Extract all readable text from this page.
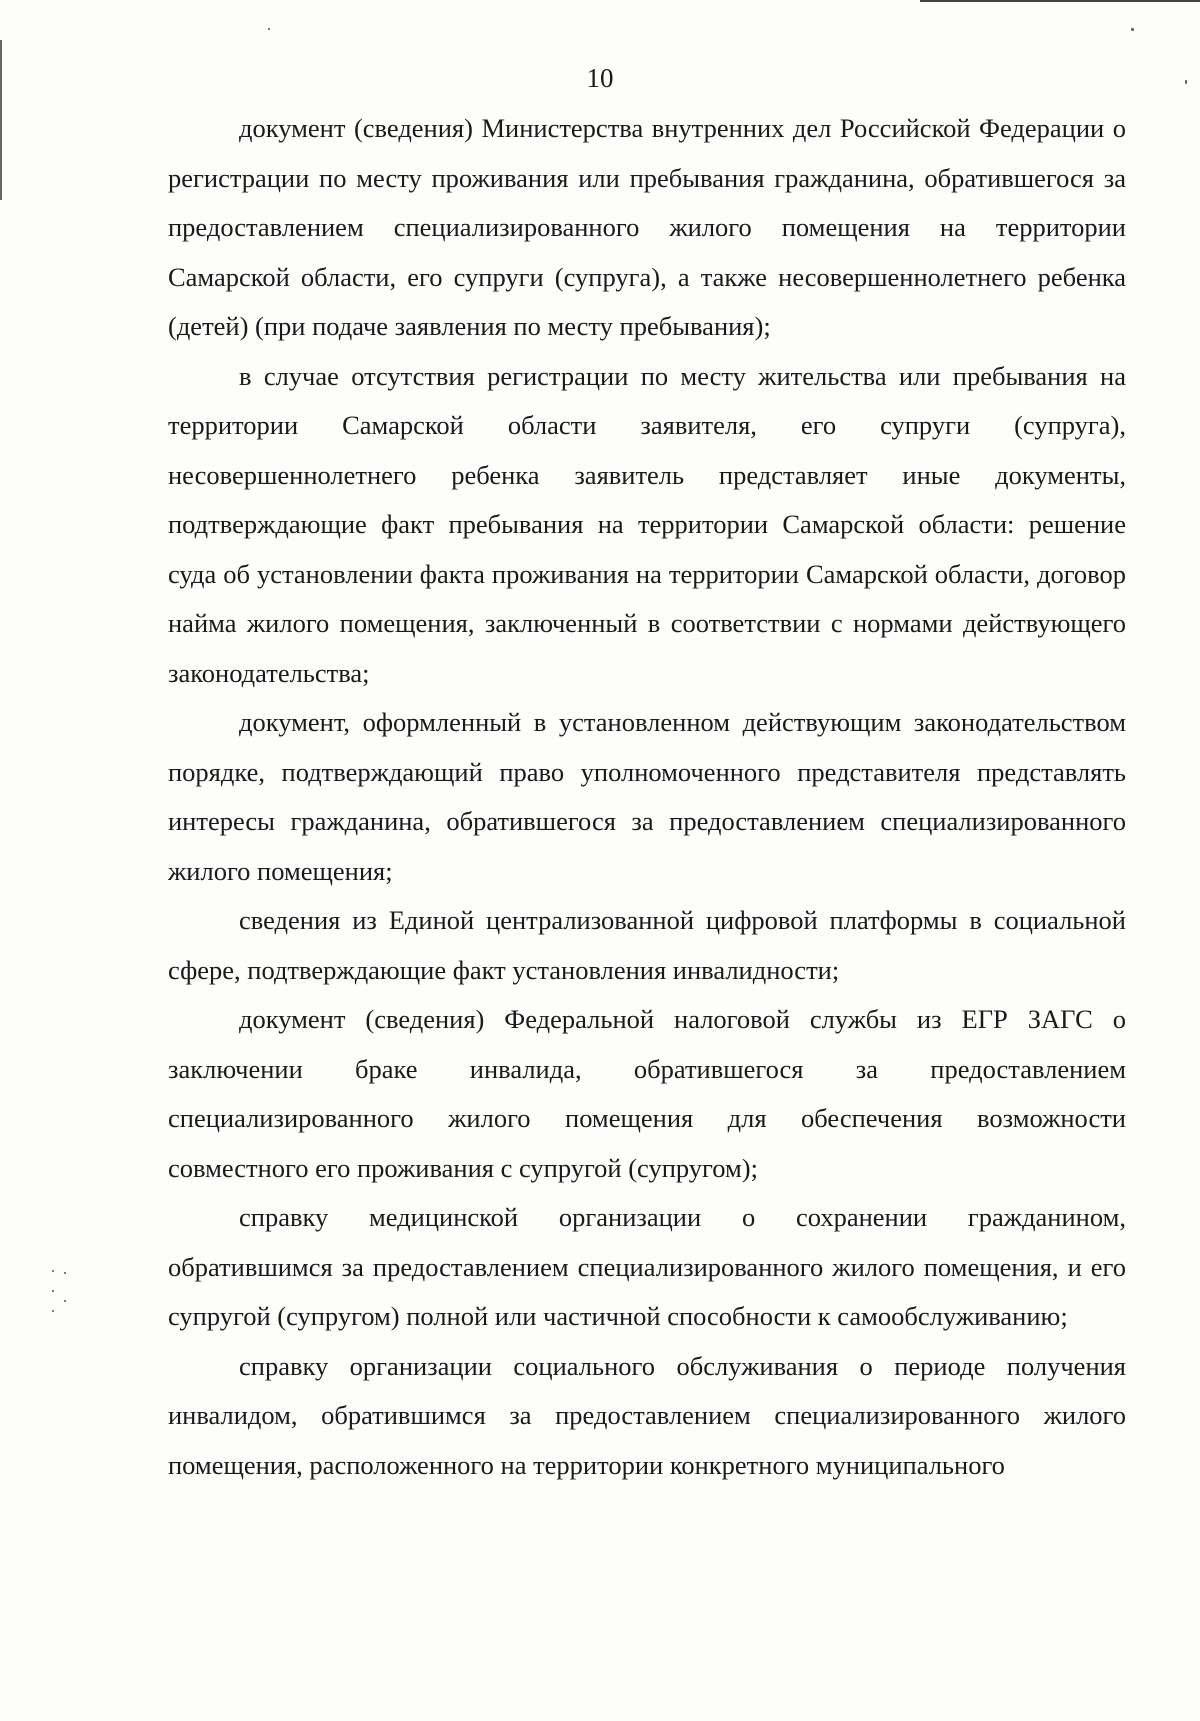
10

документ (сведения) Министерства внутренних дел Российской Федерации о регистрации по месту проживания или пребывания гражданина, обратившегося за предоставлением специализированного жилого помещения на территории Самарской области, его супруги (супруга), а также несовершеннолетнего ребенка (детей) (при подаче заявления по месту пребывания);

в случае отсутствия регистрации по месту жительства или пребывания на территории Самарской области заявителя, его супруги (супруга), несовершеннолетнего ребенка заявитель представляет иные документы, подтверждающие факт пребывания на территории Самарской области: решение суда об установлении факта проживания на территории Самарской области, договор найма жилого помещения, заключенный в соответствии с нормами действующего законодательства;

документ, оформленный в установленном действующим законодательством порядке, подтверждающий право уполномоченного представителя представлять интересы гражданина, обратившегося за предоставлением специализированного жилого помещения;

сведения из Единой централизованной цифровой платформы в социальной сфере, подтверждающие факт установления инвалидности;

документ (сведения) Федеральной налоговой службы из ЕГР ЗАГС о заключении браке инвалида, обратившегося за предоставлением специализированного жилого помещения для обеспечения возможности совместного его проживания с супругой (супругом);

справку медицинской организации о сохранении гражданином, обратившимся за предоставлением специализированного жилого помещения, и его супругой (супругом) полной или частичной способности к самообслуживанию;

справку организации социального обслуживания о периоде получения инвалидом, обратившимся за предоставлением специализированного жилого помещения, расположенного на территории конкретного муниципального
